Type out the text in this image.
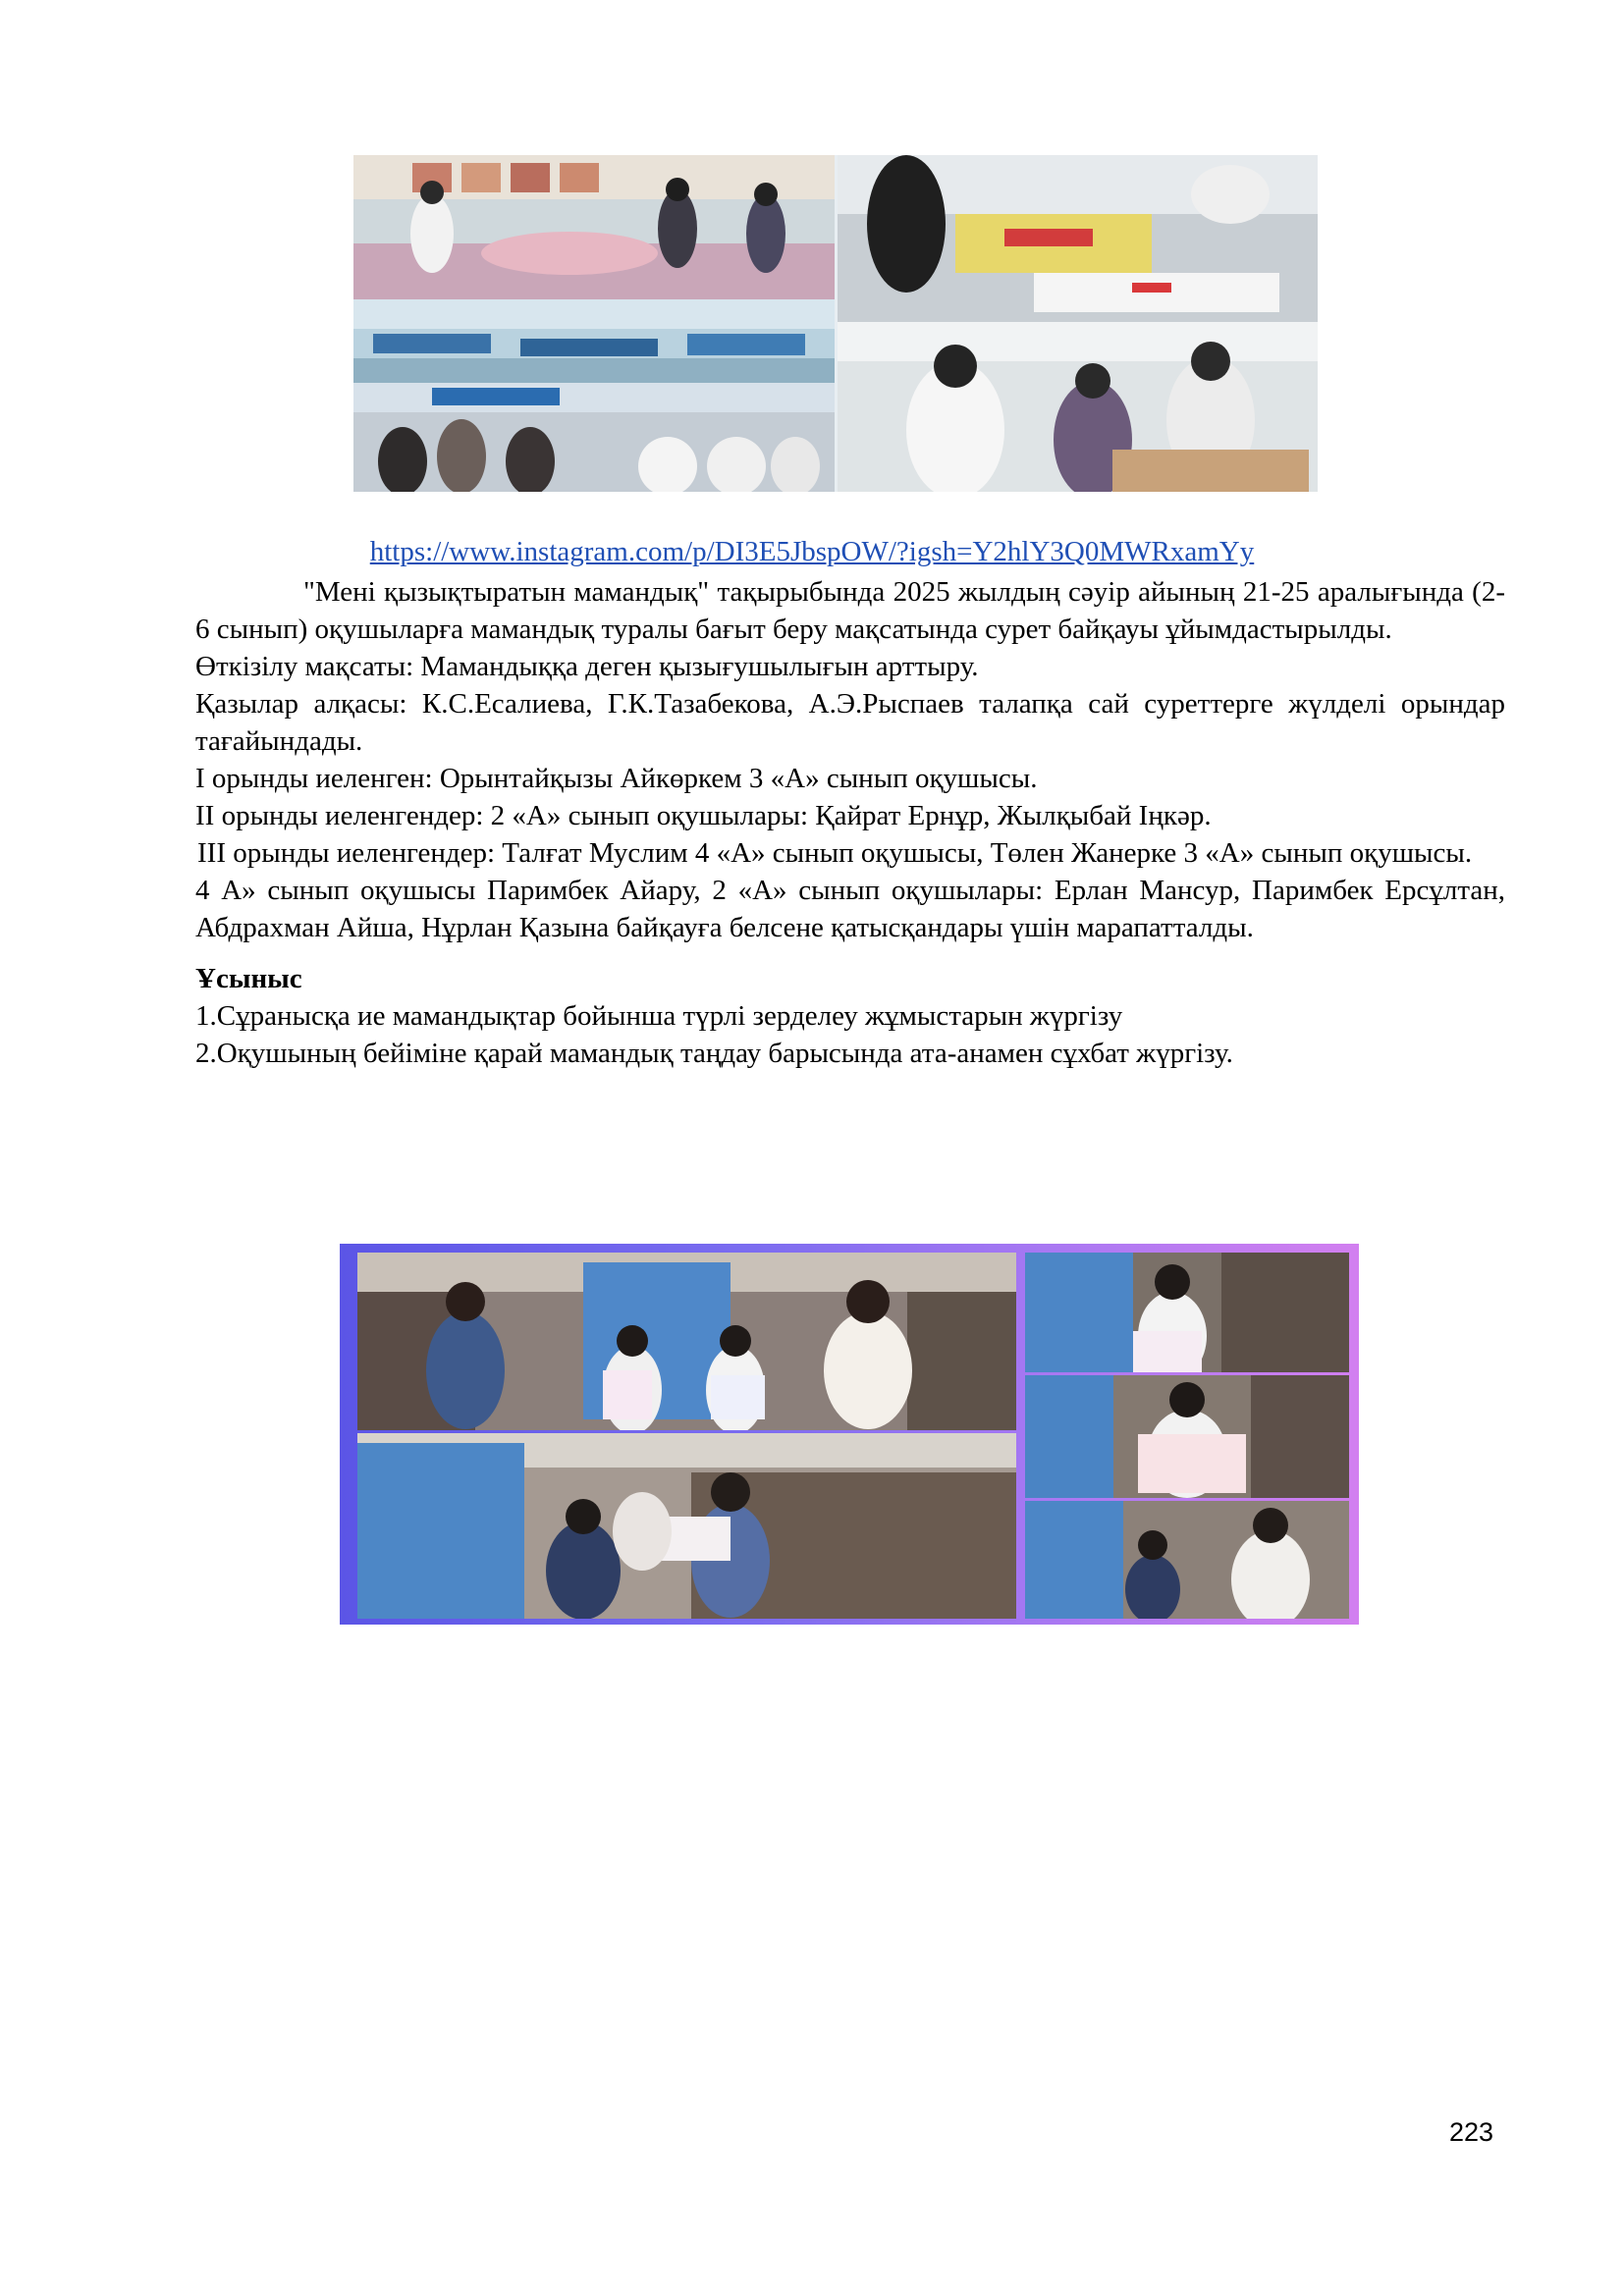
https://www.instagram.com/p/DI3E5JbspOW/?igsh=Y2hlY3Q0MWRxamYy

"Мені қызықтыратын мамандық" тақырыбында 2025 жылдың сәуір айының 21-25 аралығында (2-6 сынып) оқушыларға мамандық туралы бағыт беру мақсатында сурет байқауы ұйымдастырылды.

Өткізілу мақсаты: Мамандыққа деген қызығушылығын арттыру.

Қазылар алқасы: К.С.Есалиева, Г.К.Тазабекова, А.Э.Рыспаев талапқа сай суреттерге жүлделі орындар тағайындады.

I орынды иеленген: Орынтайқызы Айкөркем 3 «А» сынып оқушысы.

II орынды иеленгендер: 2 «А» сынып оқушылары: Қайрат Ернұр, Жылқыбай Іңкәр.

III орынды иеленгендер: Талғат Муслим 4 «А» сынып оқушысы, Төлен Жанерке 3 «А» сынып оқушысы.

4 А» сынып оқушысы Паримбек Айару, 2 «А» сынып оқушылары: Ерлан Мансур, Паримбек Ерсұлтан, Абдрахман Айша, Нұрлан Қазына байқауға белсене қатысқандары үшін марапатталды.

Ұсыныс

1.Сұранысқа ие мамандықтар бойынша түрлі зерделеу жұмыстарын жүргізу

2.Оқушының бейіміне қарай мамандық таңдау барысында ата-анамен сұхбат жүргізу.

223
